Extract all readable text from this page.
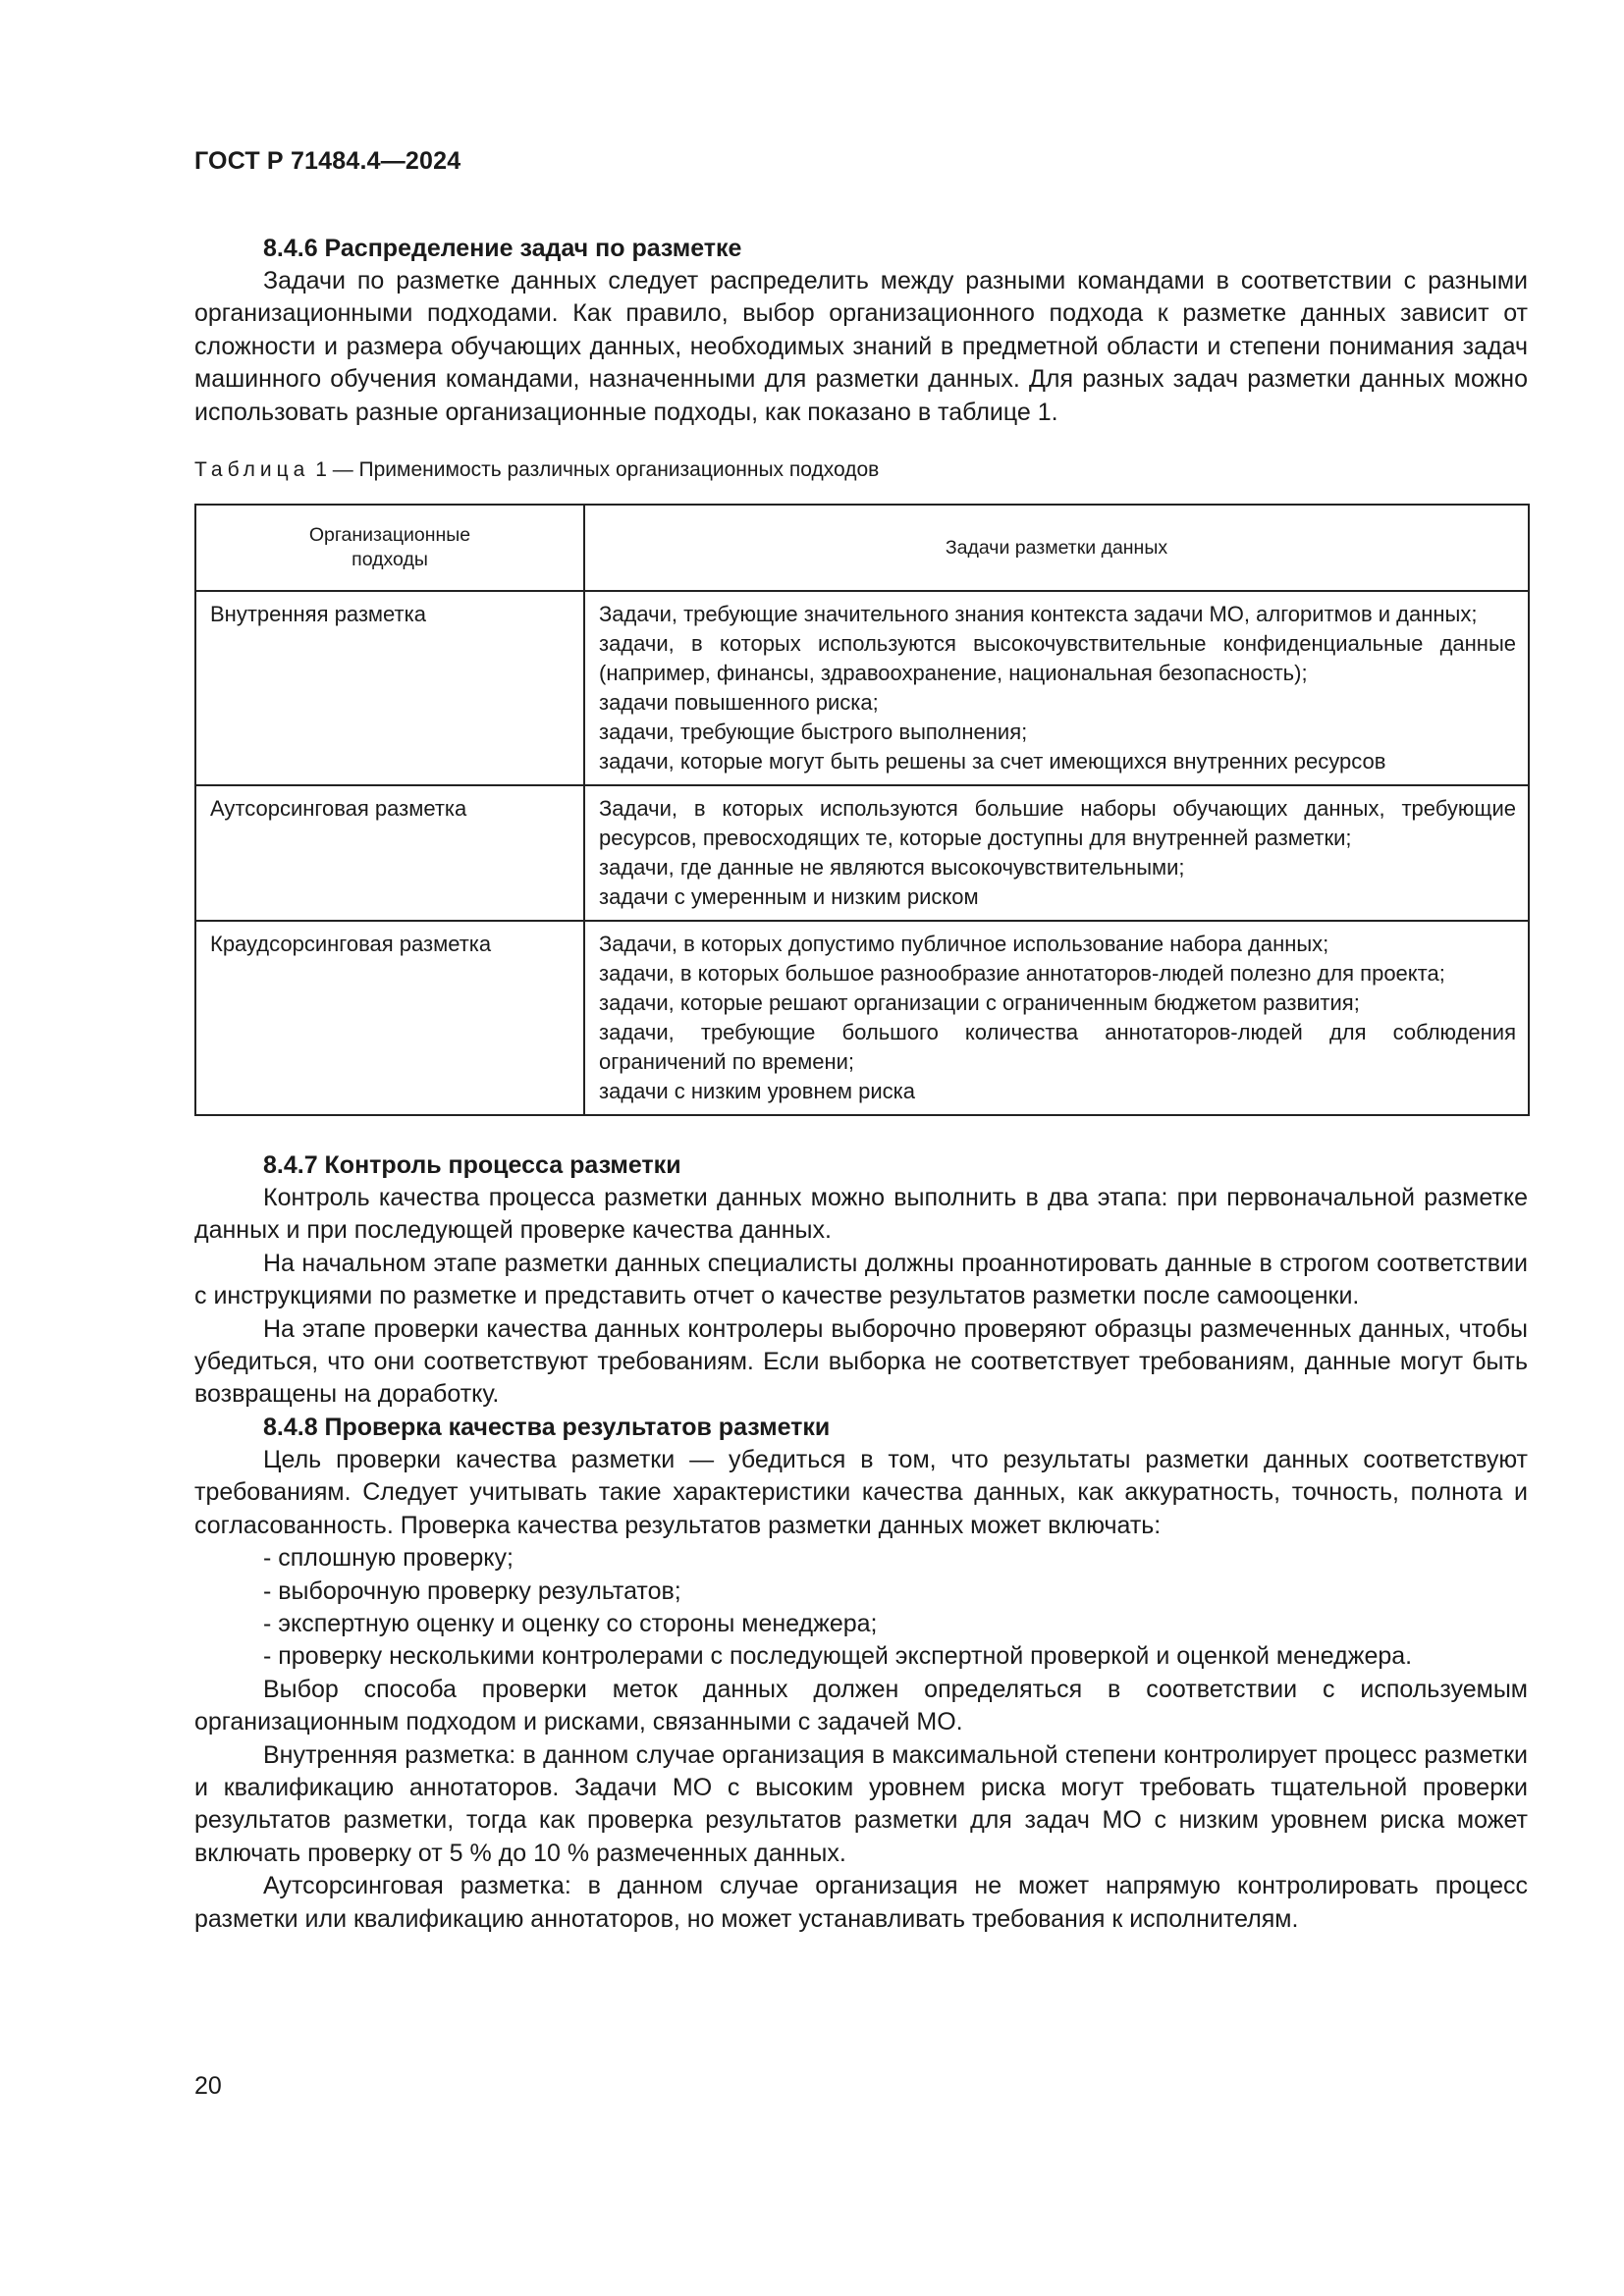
ГОСТ Р 71484.4—2024
8.4.6 Распределение задач по разметке

Задачи по разметке данных следует распределить между разными командами в соответствии с разными организационными подходами. Как правило, выбор организационного подхода к разметке данных зависит от сложности и размера обучающих данных, необходимых знаний в предметной области и степени понимания задач машинного обучения командами, назначенными для разметки данных. Для разных задач разметки данных можно использовать разные организационные подходы, как показано в таблице 1.

Таблица 1 — Применимость различных организационных подходов
Организационные подходы	Задачи разметки данных
Внутренняя разметка	Задачи, требующие значительного знания контекста задачи МО, алгоритмов и данных;
задачи, в которых используются высокочувствительные конфиденциальные данные (например, финансы, здравоохранение, национальная безопасность);
задачи повышенного риска;
задачи, требующие быстрого выполнения;
задачи, которые могут быть решены за счет имеющихся внутренних ресурсов

Аутсорсинговая разметка	Задачи, в которых используются большие наборы обучающих данных, требующие ресурсов, превосходящих те, которые доступны для внутренней разметки;
задачи, где данные не являются высокочувствительными;
задачи с умеренным и низким риском

Краудсорсинговая разметка	Задачи, в которых допустимо публичное использование набора данных;
задачи, в которых большое разнообразие аннотаторов-людей полезно для проекта;
задачи, которые решают организации с ограниченным бюджетом развития;
задачи, требующие большого количества аннотаторов-людей для соблюдения ограничений по времени;
задачи с низким уровнем риска
8.4.7 Контроль процесса разметки

Контроль качества процесса разметки данных можно выполнить в два этапа: при первоначальной разметке данных и при последующей проверке качества данных.

На начальном этапе разметки данных специалисты должны проаннотировать данные в строгом соответствии с инструкциями по разметке и представить отчет о качестве результатов разметки после самооценки.

На этапе проверки качества данных контролеры выборочно проверяют образцы размеченных данных, чтобы убедиться, что они соответствуют требованиям. Если выборка не соответствует требованиям, данные могут быть возвращены на доработку.

8.4.8 Проверка качества результатов разметки

Цель проверки качества разметки — убедиться в том, что результаты разметки данных соответствуют требованиям. Следует учитывать такие характеристики качества данных, как аккуратность, точность, полнота и согласованность. Проверка качества результатов разметки данных может включать:

- сплошную проверку;
- выборочную проверку результатов;
- экспертную оценку и оценку со стороны менеджера;
- проверку несколькими контролерами с последующей экспертной проверкой и оценкой менеджера.

Выбор способа проверки меток данных должен определяться в соответствии с используемым организационным подходом и рисками, связанными с задачей МО.

Внутренняя разметка: в данном случае организация в максимальной степени контролирует процесс разметки и квалификацию аннотаторов. Задачи МО с высоким уровнем риска могут требовать тщательной проверки результатов разметки, тогда как проверка результатов разметки для задач МО с низким уровнем риска может включать проверку от 5 % до 10 % размеченных данных.

Аутсорсинговая разметка: в данном случае организация не может напрямую контролировать процесс разметки или квалификацию аннотаторов, но может устанавливать требования к исполнителям.

20
